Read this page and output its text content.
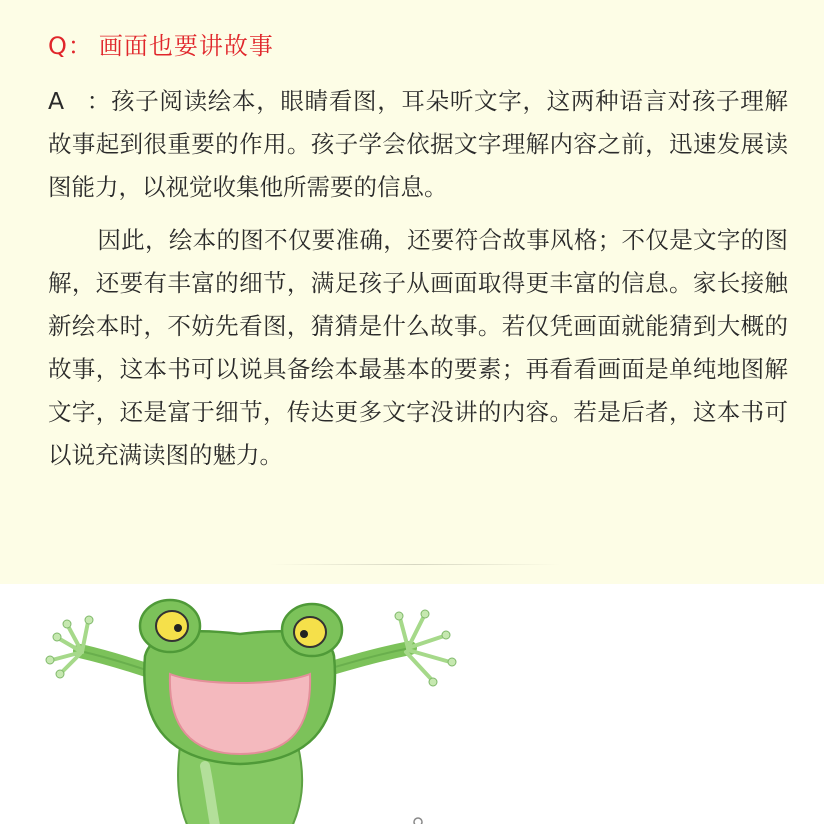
Q： 画面也要讲故事

A ：孩子阅读绘本，眼睛看图，耳朵听文字，这两种语言对孩子理解故事起到很重要的作用。孩子学会依据文字理解内容之前，迅速发展读图能力，以视觉收集他所需要的信息。

因此，绘本的图不仅要准确，还要符合故事风格；不仅是文字的图解，还要有丰富的细节，满足孩子从画面取得更丰富的信息。家长接触新绘本时，不妨先看图，猜猜是什么故事。若仅凭画面就能猜到大概的故事，这本书可以说具备绘本最基本的要素；再看看画面是单纯地图解文字，还是富于细节，传达更多文字没讲的内容。若是后者，这本书可以说充满读图的魅力。
